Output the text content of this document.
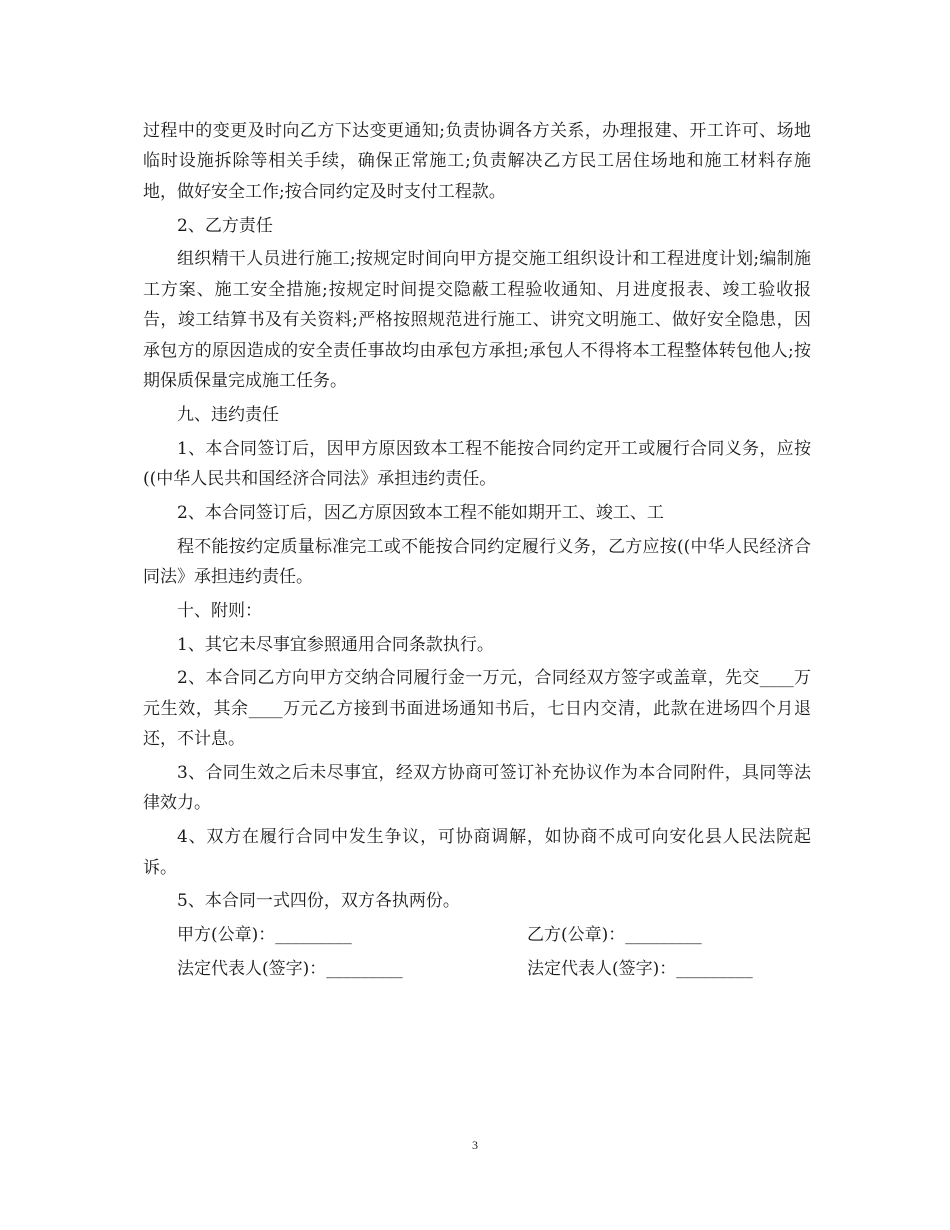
过程中的变更及时向乙方下达变更通知;负责协调各方关系，办理报建、开工许可、场地临时设施拆除等相关手续，确保正常施工;负责解决乙方民工居住场地和施工材料存施地，做好安全工作;按合同约定及时支付工程款。

2、乙方责任

组织精干人员进行施工;按规定时间向甲方提交施工组织设计和工程进度计划;编制施工方案、施工安全措施;按规定时间提交隐蔽工程验收通知、月进度报表、竣工验收报告，竣工结算书及有关资料;严格按照规范进行施工、讲究文明施工、做好安全隐患，因承包方的原因造成的安全责任事故均由承包方承担;承包人不得将本工程整体转包他人;按期保质保量完成施工任务。

九、违约责任

1、本合同签订后，因甲方原因致本工程不能按合同约定开工或履行合同义务，应按((中华人民共和国经济合同法》承担违约责任。

2、本合同签订后，因乙方原因致本工程不能如期开工、竣工、工

程不能按约定质量标准完工或不能按合同约定履行义务，乙方应按((中华人民经济合同法》承担违约责任。

十、附则：

1、其它未尽事宜参照通用合同条款执行。

2、本合同乙方向甲方交纳合同履行金一万元，合同经双方签字或盖章，先交____万元生效，其余____万元乙方接到书面进场通知书后，七日内交清，此款在进场四个月退还，不计息。

3、合同生效之后未尽事宜，经双方协商可签订补充协议作为本合同附件，具同等法律效力。

4、双方在履行合同中发生争议，可协商调解，如协商不成可向安化县人民法院起诉。

5、本合同一式四份，双方各执两份。

甲方(公章)：_________	乙方(公章)：_________
法定代表人(签字)：_________	法定代表人(签字)：_________
3
